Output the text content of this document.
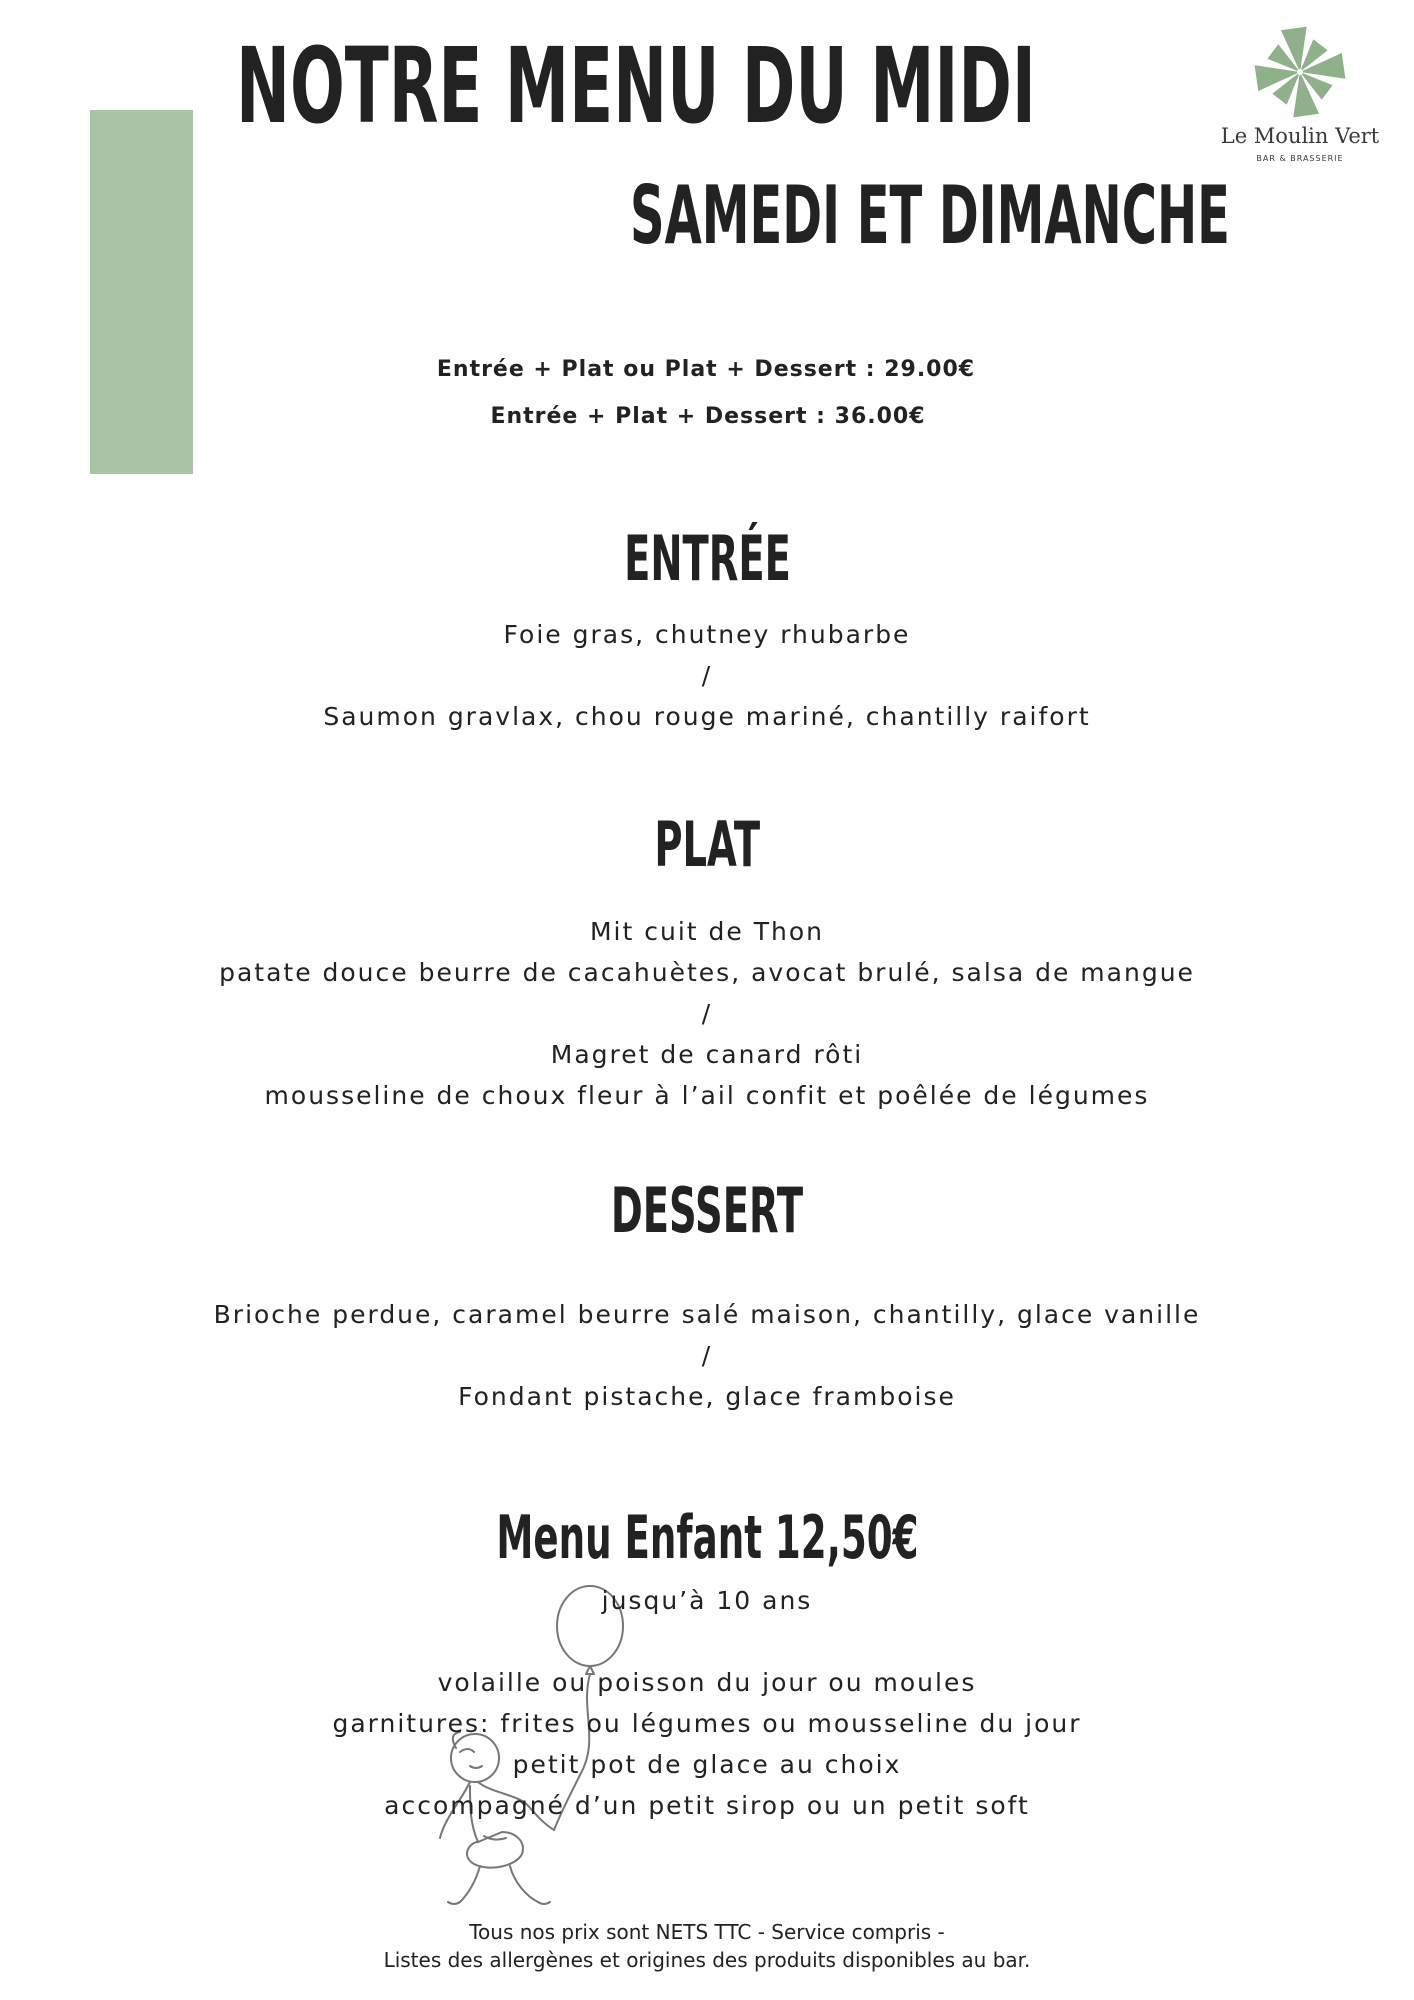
NOTRE MENU DU MIDI
SAMEDI ET DIMANCHE
Le Moulin Vert
BAR & BRASSERIE
Entrée + Plat ou Plat + Dessert : 29.00€
Entrée + Plat + Dessert : 36.00€
ENTRÉE
Foie gras, chutney rhubarbe
/
Saumon gravlax, chou rouge mariné, chantilly raifort
PLAT
Mit cuit de Thon
patate douce beurre de cacahuètes, avocat brulé, salsa de mangue
/
Magret de canard rôti
mousseline de choux fleur à l’ail confit et poêlée de légumes
DESSERT
Brioche perdue, caramel beurre salé maison, chantilly, glace vanille
/
Fondant pistache, glace framboise
Menu Enfant 12,50€
jusqu’à 10 ans
volaille ou poisson du jour ou moules
garnitures: frites ou légumes ou mousseline du jour
petit pot de glace au choix
accompagné d’un petit sirop ou un petit soft
Tous nos prix sont NETS TTC - Service compris -
Listes des allergènes et origines des produits disponibles au bar.
